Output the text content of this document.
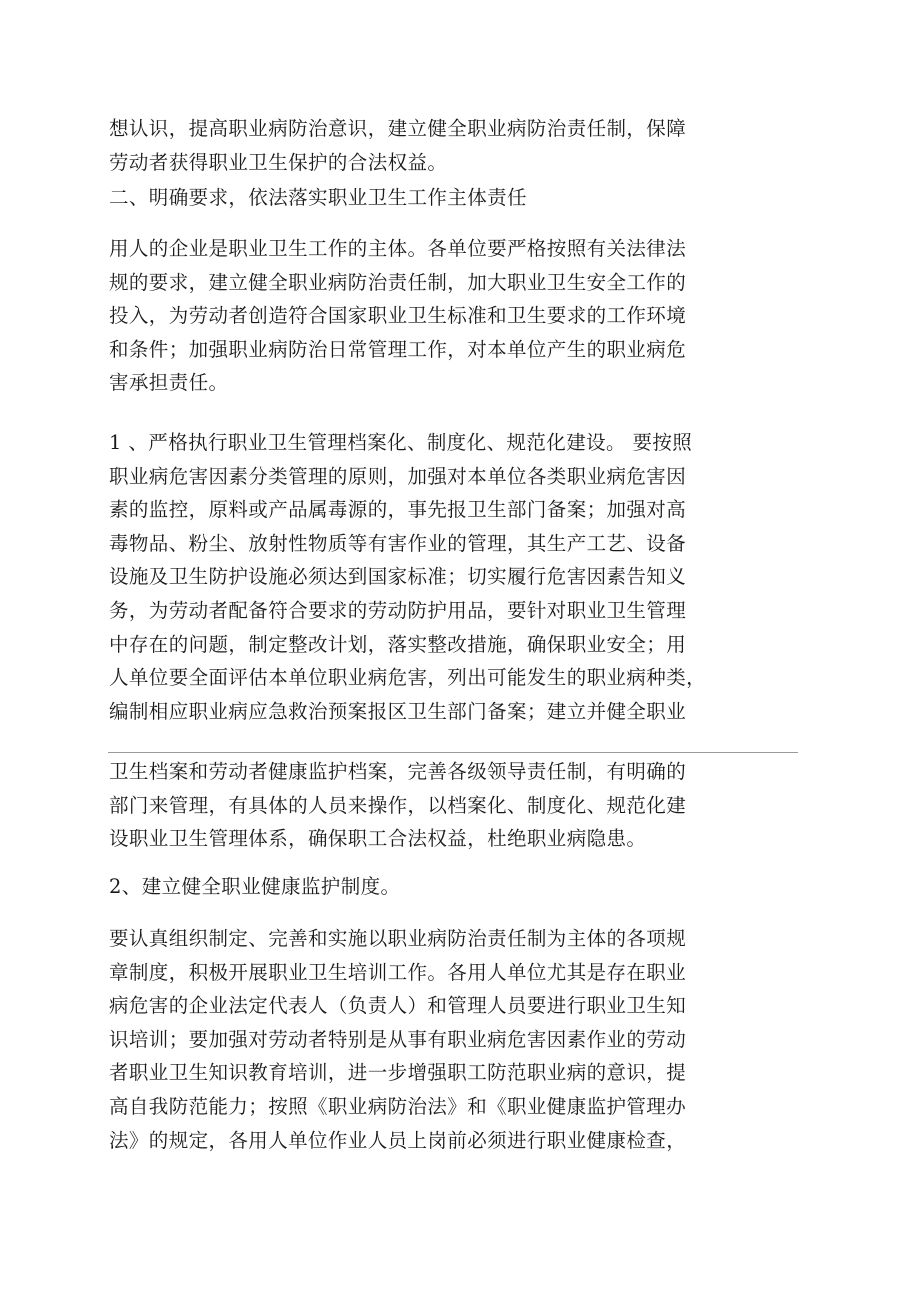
想认识，提高职业病防治意识，建立健全职业病防治责任制，保障
劳动者获得职业卫生保护的合法权益。

二、明确要求，依法落实职业卫生工作主体责任

用人的企业是职业卫生工作的主体。各单位要严格按照有关法律法
规的要求，建立健全职业病防治责任制，加大职业卫生安全工作的
投入，为劳动者创造符合国家职业卫生标准和卫生要求的工作环境
和条件；加强职业病防治日常管理工作，对本单位产生的职业病危
害承担责任。

1 、严格执行职业卫生管理档案化、制度化、规范化建设。 要按照
职业病危害因素分类管理的原则，加强对本单位各类职业病危害因
素的监控，原料或产品属毒源的，事先报卫生部门备案；加强对高
毒物品、粉尘、放射性物质等有害作业的管理，其生产工艺、设备
设施及卫生防护设施必须达到国家标准；切实履行危害因素告知义
务，为劳动者配备符合要求的劳动防护用品，要针对职业卫生管理
中存在的问题，制定整改计划，落实整改措施，确保职业安全；用
人单位要全面评估本单位职业病危害，列出可能发生的职业病种类，
编制相应职业病应急救治预案报区卫生部门备案；建立并健全职业

卫生档案和劳动者健康监护档案，完善各级领导责任制，有明确的
部门来管理，有具体的人员来操作，以档案化、制度化、规范化建
设职业卫生管理体系，确保职工合法权益，杜绝职业病隐患。

2、建立健全职业健康监护制度。

要认真组织制定、完善和实施以职业病防治责任制为主体的各项规
章制度，积极开展职业卫生培训工作。各用人单位尤其是存在职业
病危害的企业法定代表人（负责人）和管理人员要进行职业卫生知
识培训；要加强对劳动者特别是从事有职业病危害因素作业的劳动
者职业卫生知识教育培训，进一步增强职工防范职业病的意识，提
高自我防范能力；按照《职业病防治法》和《职业健康监护管理办
法》的规定，各用人单位作业人员上岗前必须进行职业健康检查，
